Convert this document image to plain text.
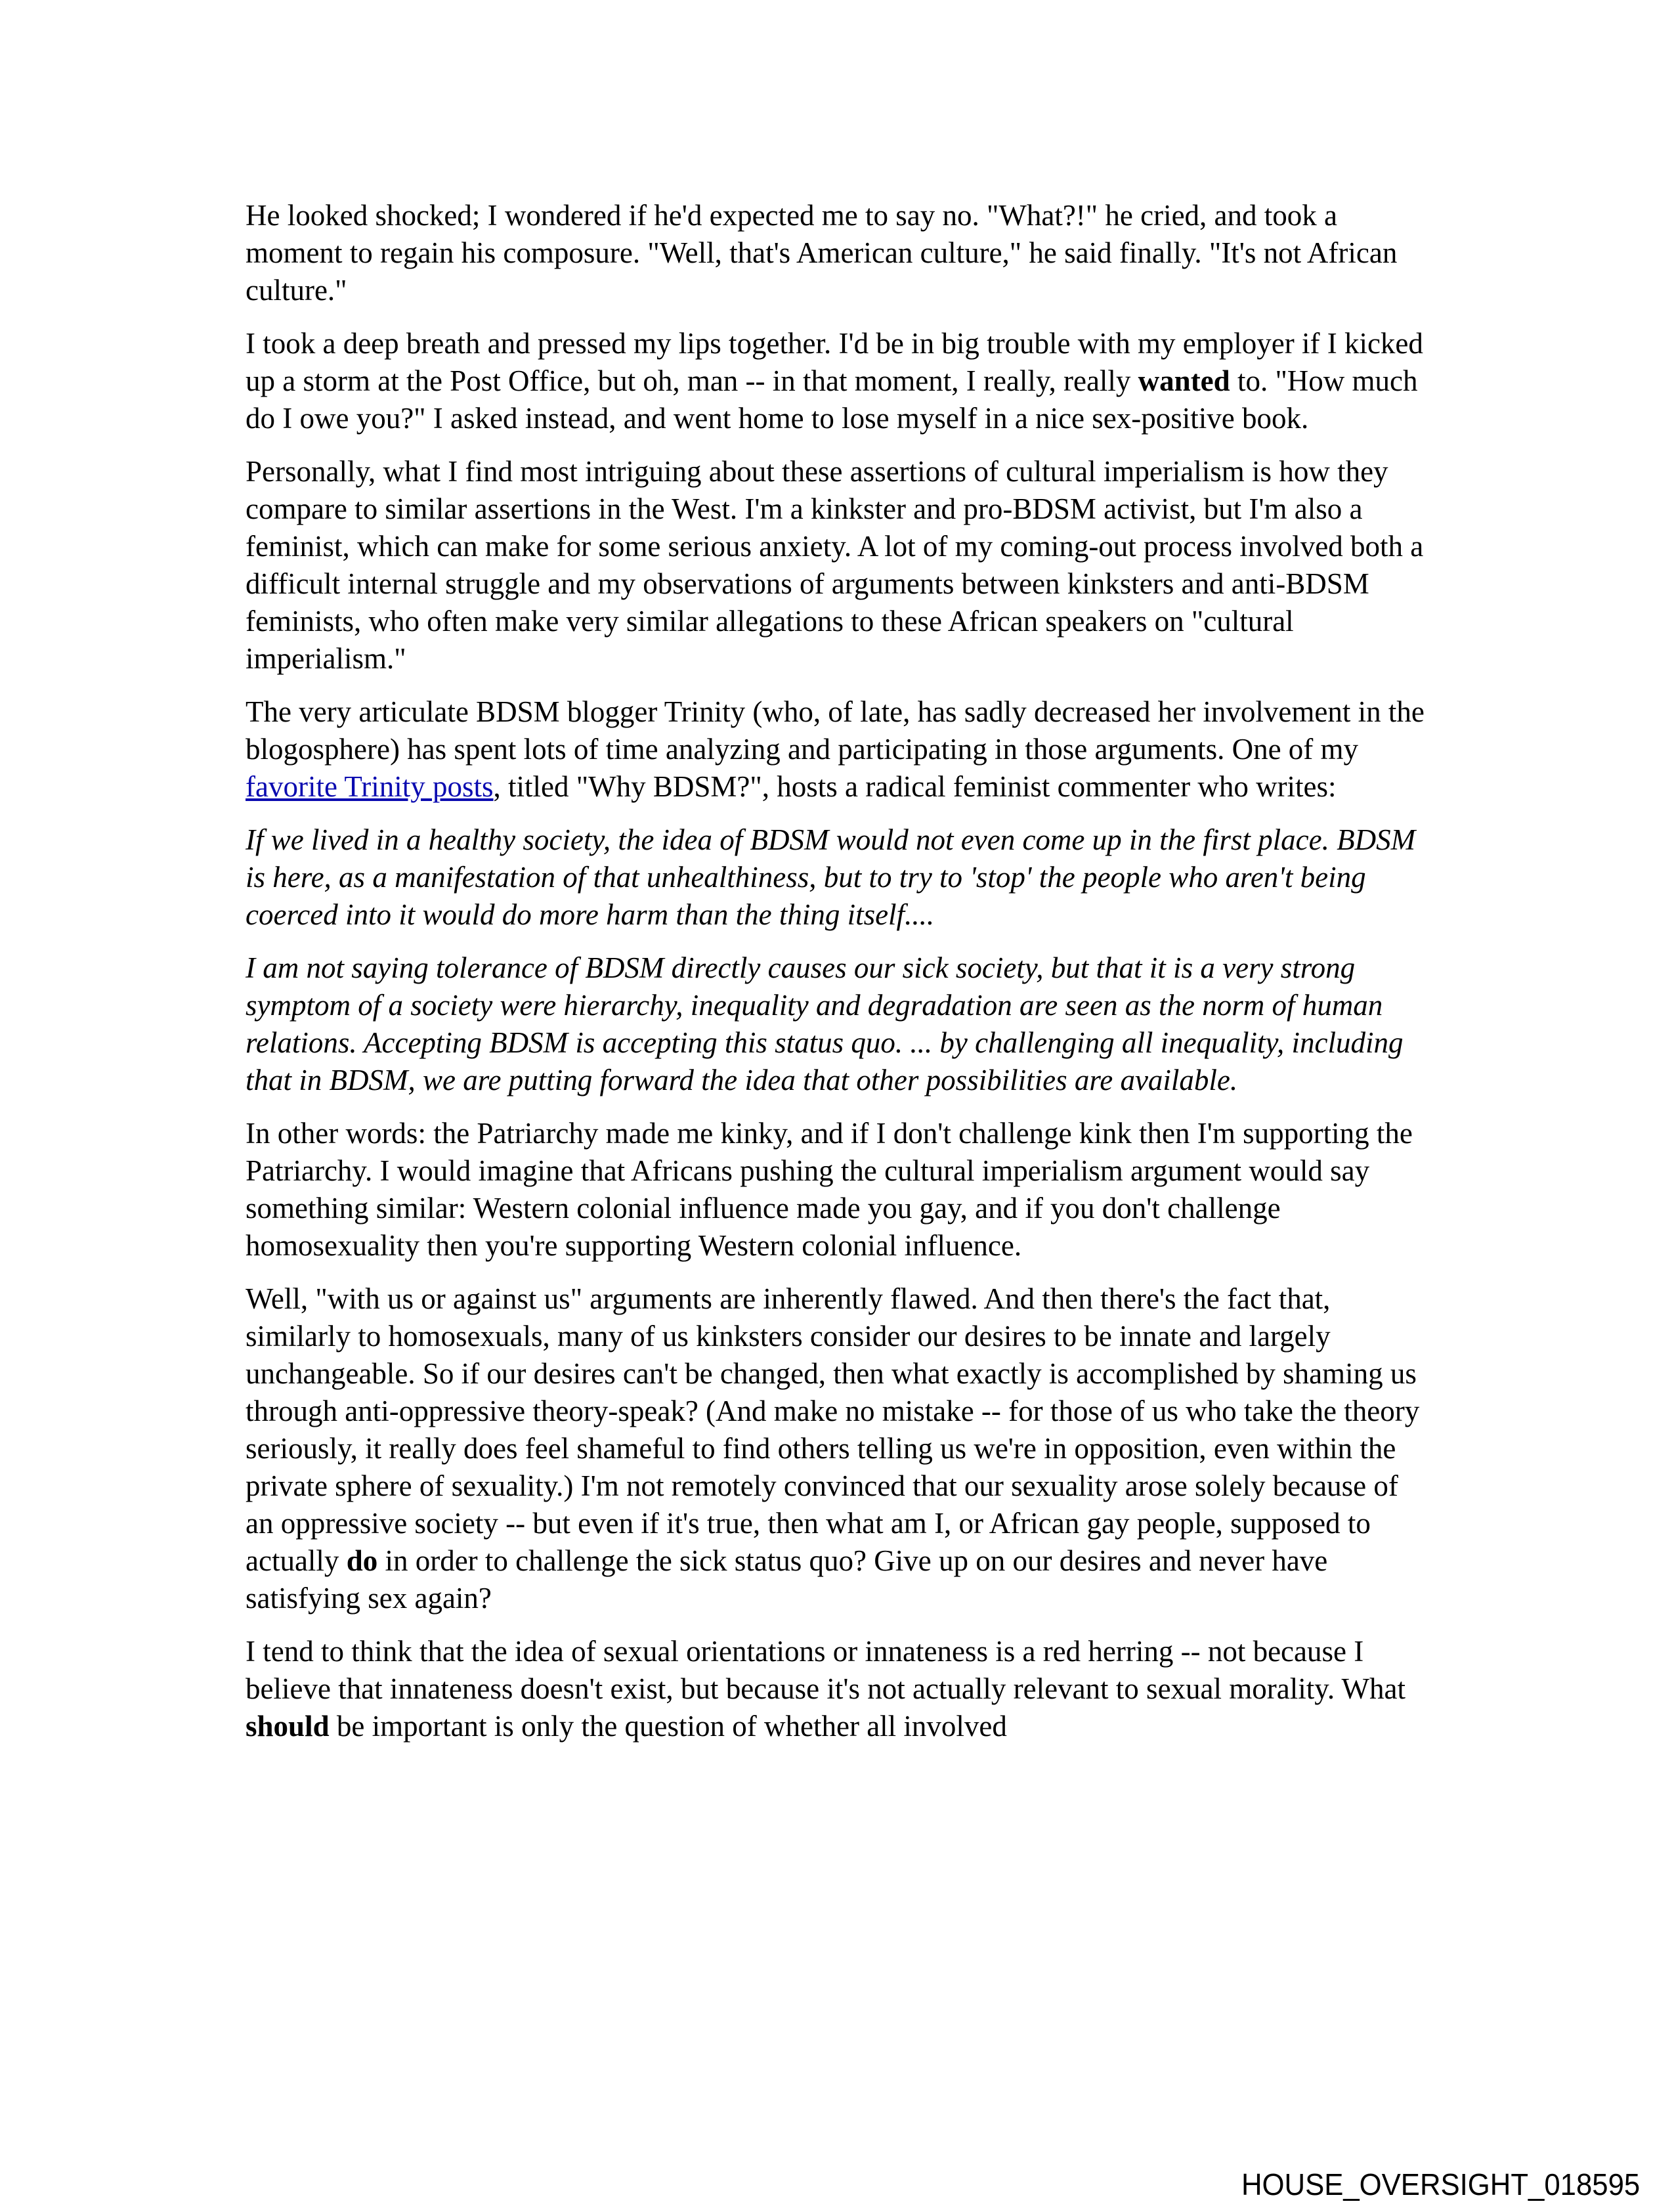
He looked shocked; I wondered if he'd expected me to say no. "What?!" he cried, and took a moment to regain his composure. "Well, that's American culture," he said finally. "It's not African culture."

I took a deep breath and pressed my lips together. I'd be in big trouble with my employer if I kicked up a storm at the Post Office, but oh, man -- in that moment, I really, really wanted to. "How much do I owe you?" I asked instead, and went home to lose myself in a nice sex-positive book.

Personally, what I find most intriguing about these assertions of cultural imperialism is how they compare to similar assertions in the West. I'm a kinkster and pro-BDSM activist, but I'm also a feminist, which can make for some serious anxiety. A lot of my coming-out process involved both a difficult internal struggle and my observations of arguments between kinksters and anti-BDSM feminists, who often make very similar allegations to these African speakers on "cultural imperialism."

The very articulate BDSM blogger Trinity (who, of late, has sadly decreased her involvement in the blogosphere) has spent lots of time analyzing and participating in those arguments. One of my favorite Trinity posts, titled "Why BDSM?", hosts a radical feminist commenter who writes:

If we lived in a healthy society, the idea of BDSM would not even come up in the first place. BDSM is here, as a manifestation of that unhealthiness, but to try to 'stop' the people who aren't being coerced into it would do more harm than the thing itself....

I am not saying tolerance of BDSM directly causes our sick society, but that it is a very strong symptom of a society were hierarchy, inequality and degradation are seen as the norm of human relations. Accepting BDSM is accepting this status quo. ... by challenging all inequality, including that in BDSM, we are putting forward the idea that other possibilities are available.

In other words: the Patriarchy made me kinky, and if I don't challenge kink then I'm supporting the Patriarchy. I would imagine that Africans pushing the cultural imperialism argument would say something similar: Western colonial influence made you gay, and if you don't challenge homosexuality then you're supporting Western colonial influence.

Well, "with us or against us" arguments are inherently flawed. And then there's the fact that, similarly to homosexuals, many of us kinksters consider our desires to be innate and largely unchangeable. So if our desires can't be changed, then what exactly is accomplished by shaming us through anti-oppressive theory-speak? (And make no mistake -- for those of us who take the theory seriously, it really does feel shameful to find others telling us we're in opposition, even within the private sphere of sexuality.) I'm not remotely convinced that our sexuality arose solely because of an oppressive society -- but even if it's true, then what am I, or African gay people, supposed to actually do in order to challenge the sick status quo? Give up on our desires and never have satisfying sex again?

I tend to think that the idea of sexual orientations or innateness is a red herring -- not because I believe that innateness doesn't exist, but because it's not actually relevant to sexual morality. What should be important is only the question of whether all involved

HOUSE_OVERSIGHT_018595
